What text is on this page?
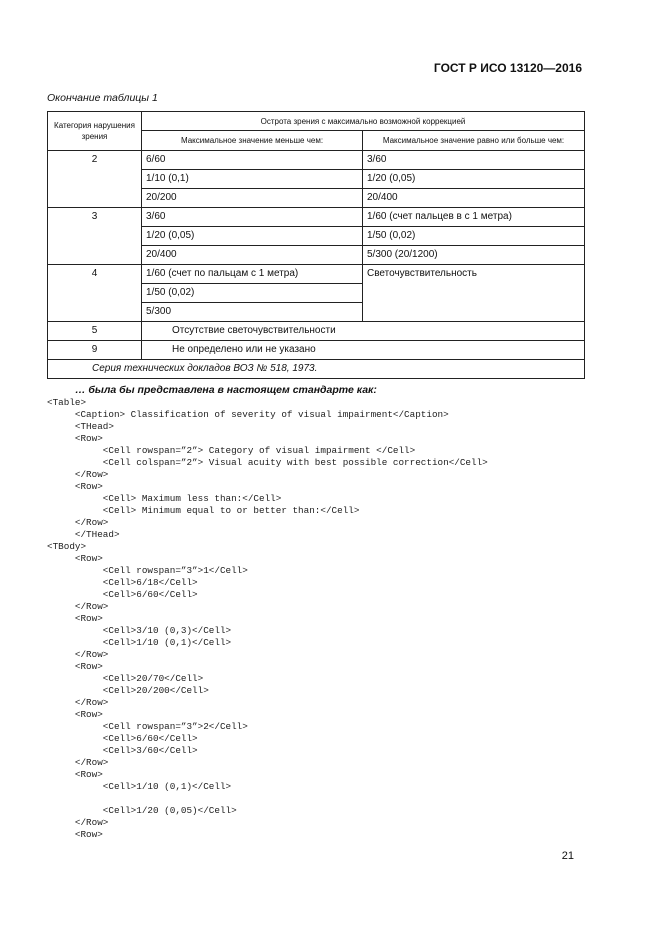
ГОСТ Р ИСО 13120—2016
Окончание таблицы 1
Категория нарушения зрения	Острота зрения с максимально возможной коррекцией	
	Максимальное значение меньше чем:	Максимальное значение равно или больше чем:
2	6/60	3/60
	1/10 (0,1)	1/20 (0,05)
	20/200	20/400
3	3/60	1/60 (счет пальцев в с 1 метра)
	1/20 (0,05)	1/50 (0,02)
	20/400	5/300 (20/1200)
4	1/60 (счет по пальцам с 1 метра)	Светочувствительность
	1/50 (0,02)	
	5/300	
5	Отсутствие светочувствительности	
9	Не определено или не указано	
Серия технических докладов ВОЗ № 518, 1973.		
… была бы представлена в настоящем стандарте как:
<Table>
<Caption> Classification of severity of visual impairment</Caption>
<THead>
<Row>
<Cell rowspan=”2”> Category of visual impairment </Cell>
<Cell colspan=”2”> Visual acuity with best possible correction</Cell>
</Row>
<Row>
<Cell> Maximum less than:</Cell>
<Cell> Minimum equal to or better than:</Cell>
</Row>
</THead>
<TBody>
<Row>
<Cell rowspan=”3”>1</Cell>
<Cell>6/18</Cell>
<Cell>6/60</Cell>
</Row>
<Row>
<Cell>3/10 (0,3)</Cell>
<Cell>1/10 (0,1)</Cell>
</Row>
<Row>
<Cell>20/70</Cell>
<Cell>20/200</Cell>
</Row>
<Row>
<Cell rowspan=”3”>2</Cell>
<Cell>6/60</Cell>
<Cell>3/60</Cell>
</Row>
<Row>
<Cell>1/10 (0,1)</Cell>
<Cell>1/20 (0,05)</Cell>
</Row>
<Row>
21
